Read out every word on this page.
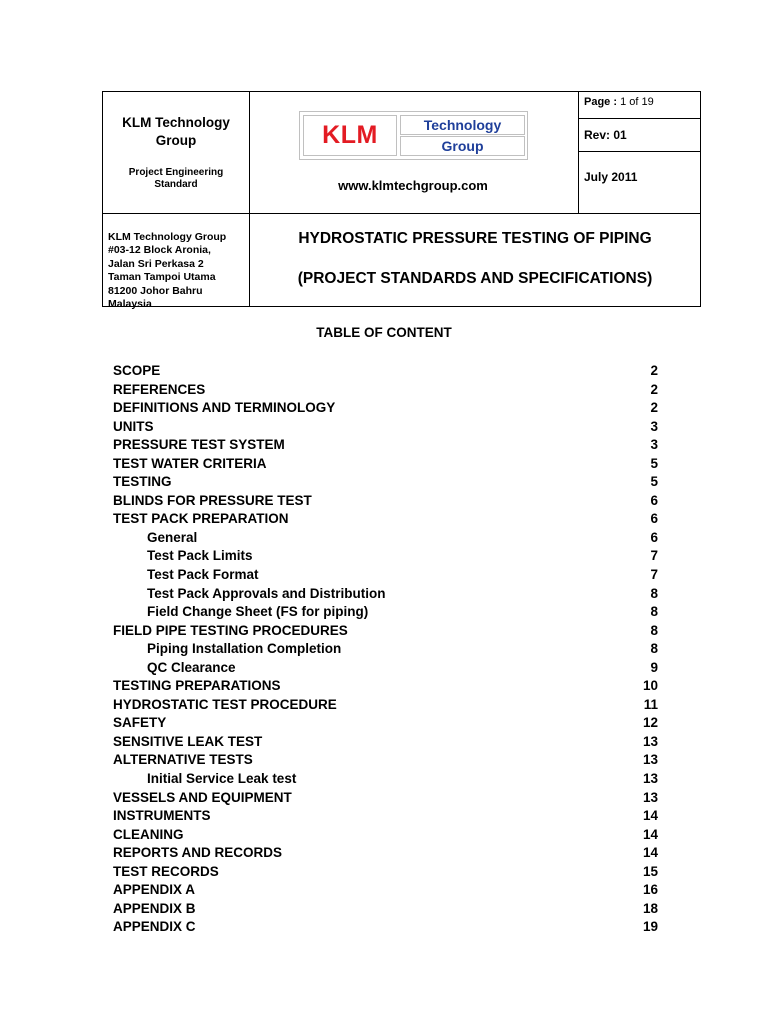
KLM Technology
Group
Project Engineering
Standard
KLM	Technology
Group
www.klmtechgroup.com
Page : 1 of 19
Rev: 01
July 2011
KLM Technology Group
#03-12 Block Aronia,
Jalan Sri Perkasa 2
Taman Tampoi Utama
81200 Johor Bahru
Malaysia
HYDROSTATIC PRESSURE TESTING OF PIPING
(PROJECT STANDARDS AND SPECIFICATIONS)
TABLE OF CONTENT
SCOPE	2
REFERENCES	2
DEFINITIONS AND TERMINOLOGY	2
UNITS	3
PRESSURE TEST SYSTEM	3
TEST WATER CRITERIA	5
TESTING	5
BLINDS FOR PRESSURE TEST	6
TEST PACK PREPARATION	6
General	6
Test Pack Limits	7
Test Pack Format	7
Test Pack Approvals and Distribution	8
Field Change Sheet (FS for piping)	8
FIELD PIPE TESTING PROCEDURES	8
Piping Installation Completion	8
QC Clearance	9
TESTING PREPARATIONS	10
HYDROSTATIC TEST PROCEDURE	11
SAFETY	12
SENSITIVE LEAK TEST	13
ALTERNATIVE TESTS	13
Initial Service Leak test	13
VESSELS AND EQUIPMENT	13
INSTRUMENTS	14
CLEANING	14
REPORTS AND RECORDS	14
TEST RECORDS	15
APPENDIX A	16
APPENDIX B	18
APPENDIX C	19
